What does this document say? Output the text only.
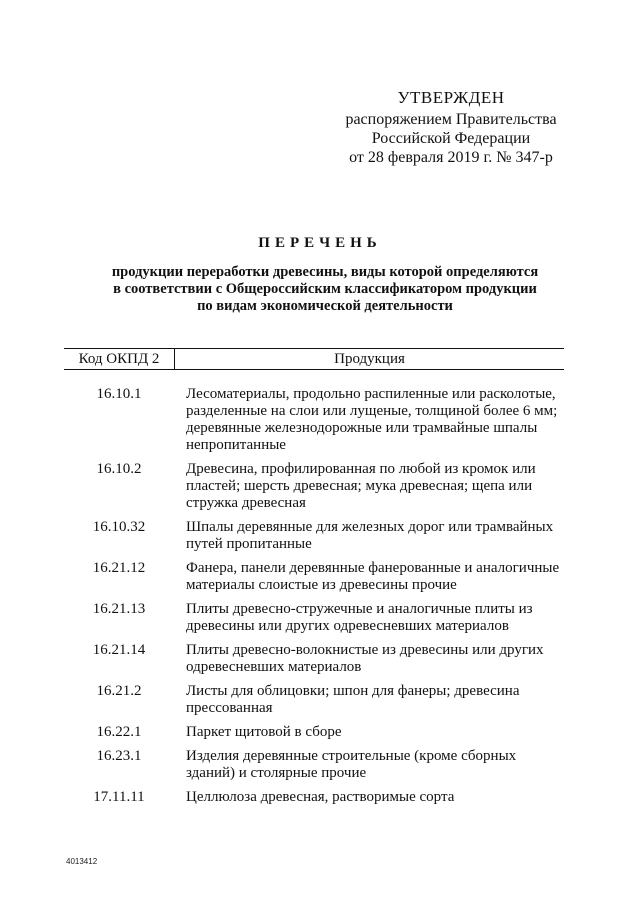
УТВЕРЖДЕН
распоряжением Правительства
Российской Федерации
от 28 февраля 2019 г. № 347-р
ПЕРЕЧЕНЬ
продукции переработки древесины, виды которой определяются
в соответствии с Общероссийским классификатором продукции
по видам экономической деятельности
Код ОКПД 2	Продукция
16.10.1	Лесоматериалы, продольно распиленные или расколотые,
разделенные на слои или лущеные, толщиной более 6 мм;
деревянные железнодорожные или трамвайные шпалы
непропитанные
16.10.2	Древесина, профилированная по любой из кромок или
пластей; шерсть древесная; мука древесная; щепа или
стружка древесная
16.10.32	Шпалы деревянные для железных дорог или трамвайных
путей пропитанные
16.21.12	Фанера, панели деревянные фанерованные и аналогичные
материалы слоистые из древесины прочие
16.21.13	Плиты древесно-стружечные и аналогичные плиты из
древесины или других одревесневших материалов
16.21.14	Плиты древесно-волокнистые из древесины или других
одревесневших материалов
16.21.2	Листы для облицовки; шпон для фанеры; древесина
прессованная
16.22.1	Паркет щитовой в сборе
16.23.1	Изделия деревянные строительные (кроме сборных
зданий) и столярные прочие
17.11.11	Целлюлоза древесная, растворимые сорта
4013412
